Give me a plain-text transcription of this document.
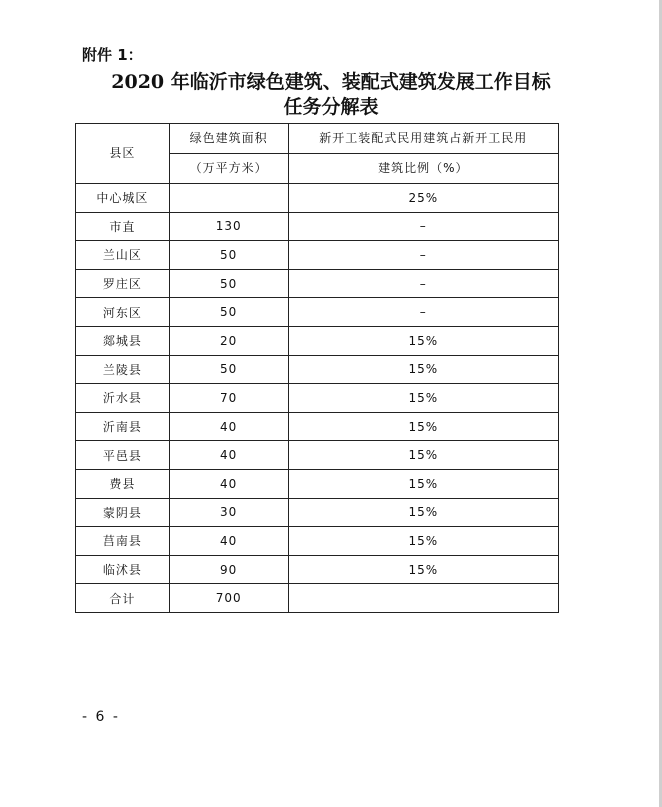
附件 1：
2020 年临沂市绿色建筑、装配式建筑发展工作目标
任务分解表
县区	绿色建筑面积	新开工装配式民用建筑占新开工民用
	（万平方米）	建筑比例（%）
中心城区		25%
市直	130	–
兰山区	50	–
罗庄区	50	–
河东区	50	–
郯城县	20	15%
兰陵县	50	15%
沂水县	70	15%
沂南县	40	15%
平邑县	40	15%
费县	40	15%
蒙阴县	30	15%
莒南县	40	15%
临沭县	90	15%
合计	700	
- 6 -
